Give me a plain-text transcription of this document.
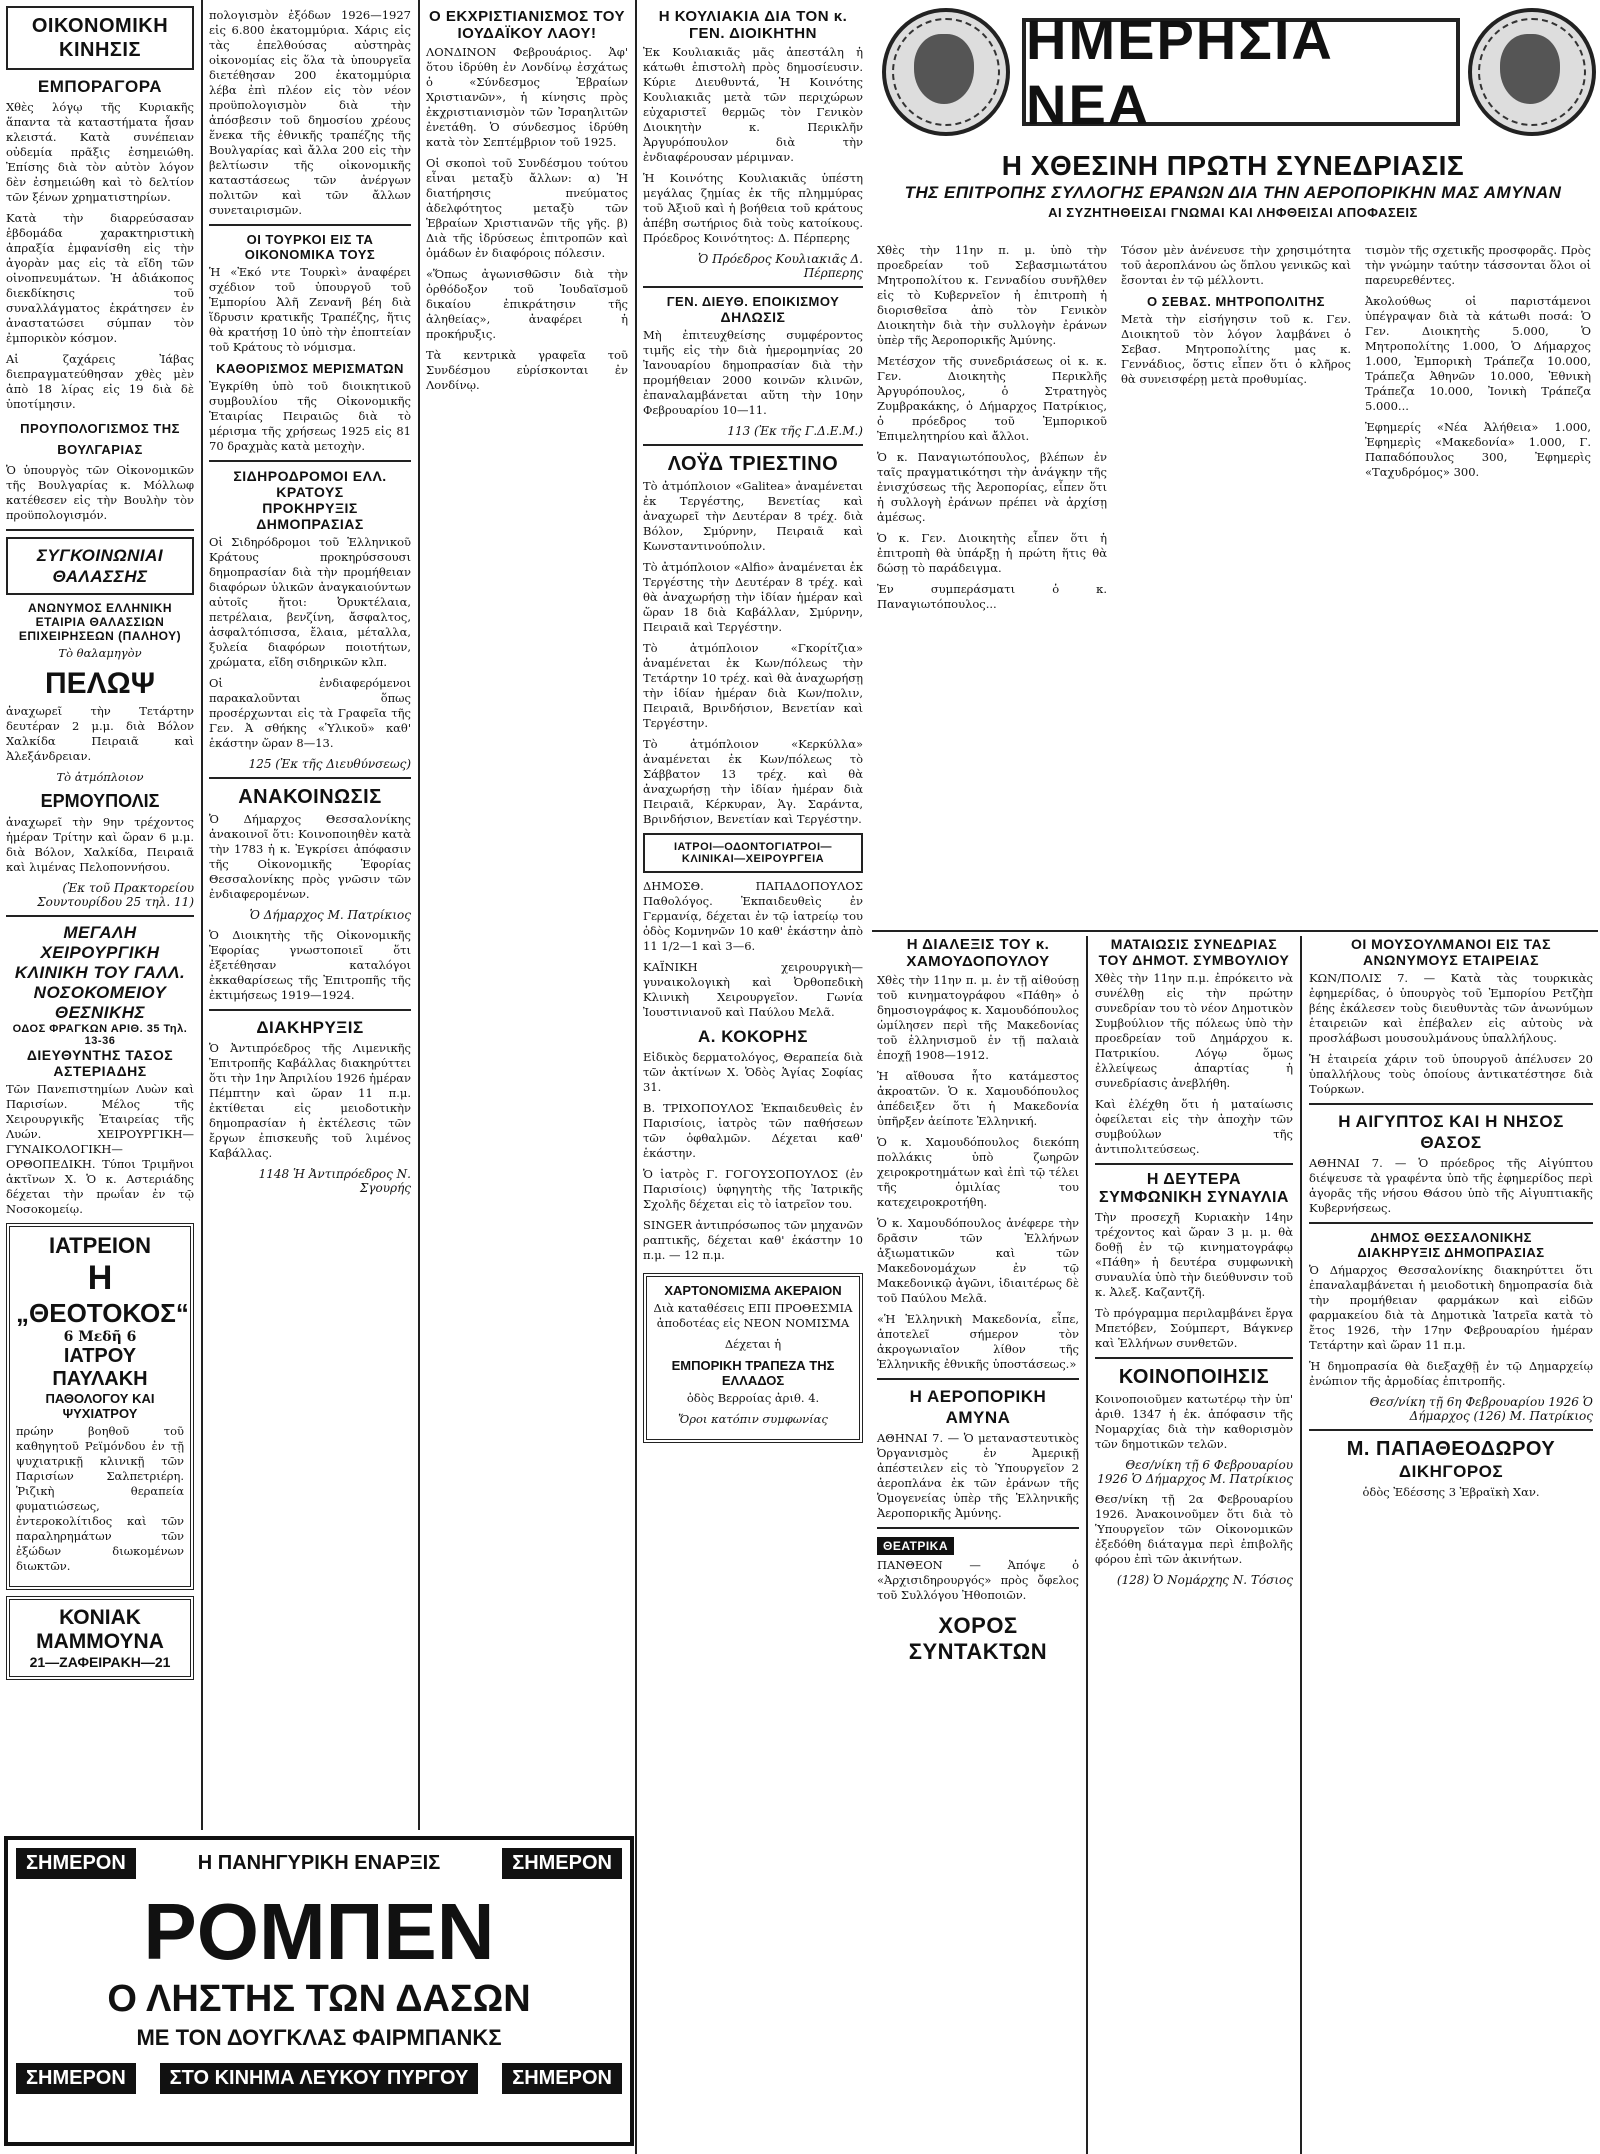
ΟΙΚΟΝΟΜΙΚΗ ΚΙΝΗΣΙΣ
ΕΜΠΟΡΑΓΟΡΑ

Χθὲς λόγῳ τῆς Κυριακῆς ἅπαντα τὰ καταστήματα ἦσαν κλειστά. Κατὰ συνέπειαν οὐδεμία πρᾶξις ἐσημειώθη. Ἐπίσης διὰ τὸν αὐτὸν λόγον δὲν ἐσημειώθη καὶ τὸ δελτίον τῶν ξένων χρηματιστηρίων.

Κατὰ τὴν διαρρεύσασαν ἑβδομάδα χαρακτηριστικὴ ἀπραξία ἐμφανίσθη εἰς τὴν ἀγορὰν μας εἰς τὰ εἴδη τῶν οἰνοπνευμάτων. Ἡ ἀδιάκοπος διεκδίκησις τοῦ συναλλάγματος ἐκράτησεν ἐν ἀναστατώσει σύμπαν τὸν ἐμπορικὸν κόσμον.

Αἱ ζαχάρεις Ἰάβας διεπραγματεύθησαν χθὲς μὲν ἀπὸ 18 λίρας εἰς 19 διὰ δὲ ὑποτίμησιν.

ΠΡΟΥΠΟΛΟΓΙΣΜΟΣ ΤΗΣ ΒΟΥΛΓΑΡΙΑΣ

Ὁ ὑπουργὸς τῶν Οἰκονομικῶν τῆς Βουλγαρίας κ. Μόλλωφ κατέθεσεν εἰς τὴν Βουλὴν τὸν προϋπολογισμόν.

ΣΥΓΚΟΙΝΩΝΙΑΙ ΘΑΛΑΣΣΗΣ
ΑΝΩΝΥΜΟΣ ΕΛΛΗΝΙΚΗ ΕΤΑΙΡΙΑ ΘΑΛΑΣΣΙΩΝ ΕΠΙΧΕΙΡΗΣΕΩΝ (ΠΑΛΗΟΥ)

Τὸ θαλαμηγὸν

ΠΕΛΩΨ

ἀναχωρεῖ τὴν Τετάρτην δευτέραν 2 μ.μ. διὰ Βόλον Χαλκίδα Πειραιᾶ καὶ Ἀλεξάνδρειαν.

Τὸ ἀτμόπλοιον

ΕΡΜΟΥΠΟΛΙΣ

ἀναχωρεῖ τὴν 9ην τρέχοντος ἡμέραν Τρίτην καὶ ὥραν 6 μ.μ. διὰ Βόλον, Χαλκίδα, Πειραιᾶ καὶ λιμένας Πελοποννήσου.

(Ἐκ τοῦ Πρακτορείου Σουντουρίδου 25 τηλ. 11)

ΜΕΓΑΛΗ ΧΕΙΡΟΥΡΓΙΚΗ ΚΛΙΝΙΚΗ ΤΟΥ ΓΑΛΛ. ΝΟΣΟΚΟΜΕΙΟΥ ΘΕΣΝΙΚΗΣ
ΟΔΟΣ ΦΡΑΓΚΩΝ ΑΡΙΘ. 35 Τηλ. 13-36
ΔΙΕΥΘΥΝΤΗΣ ΤΑΣΟΣ ΑΣΤΕΡΙΑΔΗΣ

Τῶν Πανεπιστημίων Λυὼν καὶ Παρισίων. Μέλος τῆς Χειρουργικῆς Ἑταιρείας τῆς Λυών. ΧΕΙΡΟΥΡΓΙΚΗ—ΓΥΝΑΙΚΟΛΟΓΙΚΗ—ΟΡΘΟΠΕΔΙΚΗ. Τύποι Τριμῆνοι ἀκτῖνων Χ. Ὁ κ. Αστεριάδης δέχεται τὴν πρωΐαν ἐν τῷ Νοσοκομείῳ.

ΙΑΤΡΕΙΟΝ
Η
„ΘΕΟΤΟΚΟΣ“
6 Μεδῆ 6
ΙΑΤΡΟΥ ΠΑΥΛΑΚΗ
ΠΑΘΟΛΟΓΟΥ ΚΑΙ ΨΥΧΙΑΤΡΟΥ

πρώην βοηθοῦ τοῦ καθηγητοῦ Ρεϊμόνδου ἐν τῇ ψυχιατρικῇ κλινικῇ τῶν Παρισίων Σαλπετριέρη. Ῥιζικὴ θεραπεία φυματιώσεως, ἐντεροκολίτιδος καὶ τῶν παραληρημάτων τῶν ἐξώδων διωκομένων διωκτῶν.

ΚΟΝΙΑΚ ΜΑΜΜΟΥΝΑ
21—ΖΑΦΕΙΡΑΚΗ—21
ΣΗΜΕΡΟΝ	Η ΠΑΝΗΓΥΡΙΚΗ ΕΝΑΡΞΙΣ	ΣΗΜΕΡΟΝ
ΡΟΜΠΕΝ
Ο ΛΗΣΤΗΣ ΤΩΝ ΔΑΣΩΝ
ΜΕ ΤΟΝ ΔΟΥΓΚΛΑΣ ΦΑΙΡΜΠΑΝΚΣ
ΣΗΜΕΡΟΝ	ΣΤΟ ΚΙΝΗΜΑ ΛΕΥΚΟΥ ΠΥΡΓΟΥ	ΣΗΜΕΡΟΝ

πολογισμὸν ἐξόδων 1926—1927 εἰς 6.800 ἑκατομμύρια. Χάρις εἰς τὰς ἐπελθούσας αὐστηρὰς οἰκονομίας εἰς ὅλα τὰ ὑπουργεῖα διετέθησαν 200 ἑκατομμύρια λέβα ἐπὶ πλέον εἰς τὸν νέον προϋπολογισμὸν διὰ τὴν ἀπόσβεσιν τοῦ δημοσίου χρέους ἕνεκα τῆς ἐθνικῆς τραπέζης τῆς Βουλγαρίας καὶ ἄλλα 200 εἰς τὴν βελτίωσιν τῆς οἰκονομικῆς καταστάσεως τῶν ἀνέργων πολιτῶν καὶ τῶν ἄλλων συνεταιρισμῶν.

ΟΙ ΤΟΥΡΚΟΙ ΕΙΣ ΤΑ ΟΙΚΟΝΟΜΙΚΑ ΤΟΥΣ

Ἡ «Ἐκό ντε Τουρκὶ» ἀναφέρει σχέδιον τοῦ ὑπουργοῦ τοῦ Ἐμπορίου Ἀλῆ Ζενανῆ βέη διὰ ἵδρυσιν κρατικῆς Τραπέζης, ἥτις θὰ κρατήσῃ 10 ὑπὸ τὴν ἐποπτείαν τοῦ Κράτους τὸ νόμισμα.

ΚΑΘΟΡΙΣΜΟΣ ΜΕΡΙΣΜΑΤΩΝ

Ἐγκρίθη ὑπὸ τοῦ διοικητικοῦ συμβουλίου τῆς Οἰκονομικῆς Ἑταιρίας Πειραιῶς διὰ τὸ μέρισμα τῆς χρήσεως 1925 εἰς 81 70 δραχμὰς κατὰ μετοχὴν.

ΣΙΔΗΡΟΔΡΟΜΟΙ ΕΛΛ. ΚΡΑΤΟΥΣ
ΠΡΟΚΗΡΥΞΙΣ ΔΗΜΟΠΡΑΣΙΑΣ

Οἱ Σιδηρόδρομοι τοῦ Ἑλληνικοῦ Κράτους προκηρύσσουσι δημοπρασίαν διὰ τὴν προμήθειαν διαφόρων ὑλικῶν ἀναγκαιούντων αὐτοῖς ἤτοι: Ὀρυκτέλαια, πετρέλαια, βενζίνη, ἄσφαλτος, ἀσφαλτόπισσα, ἔλαια, μέταλλα, ξυλεία διαφόρων ποιοτήτων, χρώματα, εἴδη σιδηρικῶν κλπ.

Οἱ ἐνδιαφερόμενοι παρακαλοῦνται ὅπως προσέρχωνται εἰς τὰ Γραφεῖα τῆς Γεν. Ἀ σθήκης «Ὑλικοῦ» καθ' ἑκάστην ὥραν 8—13.

125 (Ἐκ τῆς Διευθύνσεως)

ΑΝΑΚΟΙΝΩΣΙΣ

Ὁ Δήμαρχος Θεσσαλονίκης ἀνακοινοῖ ὅτι: Κοινοποιηθὲν κατὰ τὴν 1783 ἡ κ. Ἐγκρίσει ἀπόφασιν τῆς Οἰκονομικῆς Ἐφορίας Θεσσαλονίκης πρὸς γνῶσιν τῶν ἐνδιαφερομένων.

Ὁ Δήμαρχος Μ. Πατρίκιος

Ὁ Διοικητὴς τῆς Οἰκονομικῆς Ἐφορίας γνωστοποιεῖ ὅτι ἐξετέθησαν καταλόγοι ἐκκαθαρίσεως τῆς Ἐπιτροπῆς τῆς ἐκτιμήσεως 1919—1924.

ΔΙΑΚΗΡΥΞΙΣ

Ὁ Ἀντιπρόεδρος τῆς Λιμενικῆς Ἐπιτροπῆς Καβάλλας διακηρύττει ὅτι τὴν 1ην Ἀπριλίου 1926 ἡμέραν Πέμπτην καὶ ὥραν 11 π.μ. ἐκτίθεται εἰς μειοδοτικὴν δημοπρασίαν ἡ ἐκτέλεσις τῶν ἔργων ἐπισκευῆς τοῦ λιμένος Καβάλλας.

1148 Ἡ Ἀντιπρόεδρος Ν. Σγουρής

Ο ΕΚΧΡΙΣΤΙΑΝΙΣΜΟΣ ΤΟΥ ΙΟΥΔΑΪΚΟΥ ΛΑΟΥ!

ΛΟΝΔΙΝΟΝ Φεβρουάριος. Ἀφ' ὅτου ἱδρύθη ἐν Λονδίνῳ ἐσχάτως ὁ «Σύνδεσμος Ἑβραίων Χριστιανῶν», ἡ κίνησις πρὸς ἐκχριστιανισμὸν τῶν Ἰσραηλιτῶν ἐνετάθη. Ὁ σύνδεσμος ἱδρύθη κατὰ τὸν Σεπτέμβριον τοῦ 1925.

Οἱ σκοποὶ τοῦ Συνδέσμου τούτου εἶναι μεταξὺ ἄλλων: α) Ἡ διατήρησις πνεύματος ἀδελφότητος μεταξὺ τῶν Ἑβραίων Χριστιανῶν τῆς γῆς. β) Διὰ τῆς ἱδρύσεως ἐπιτροπῶν καὶ ὁμάδων ἐν διαφόροις πόλεσιν.

«Ὅπως ἀγωνισθῶσιν διὰ τὴν ὀρθόδοξον τοῦ Ἰουδαϊσμοῦ δικαίου ἐπικράτησιν τῆς ἀληθείας», ἀναφέρει ἡ προκήρυξις.

Τὰ κεντρικὰ γραφεῖα τοῦ Συνδέσμου εὑρίσκονται ἐν Λονδίνῳ.

Η ΚΟΥΛΙΑΚΙΑ ΔΙΑ ΤΟΝ κ. ΓΕΝ. ΔΙΟΙΚΗΤΗΝ

Ἐκ Κουλιακιᾶς μᾶς ἀπεστάλη ἡ κάτωθι ἐπιστολὴ πρὸς δημοσίευσιν. Κύριε Διευθυντά, Ἡ Κοινότης Κουλιακιᾶς μετὰ τῶν περιχώρων εὐχαριστεῖ θερμῶς τὸν Γενικὸν Διοικητὴν κ. Περικλῆν Ἀργυρόπουλον διὰ τὴν ἐνδιαφέρουσαν μέριμναν.

Ἡ Κοινότης Κουλιακιᾶς ὑπέστη μεγάλας ζημίας ἐκ τῆς πλημμύρας τοῦ Ἀξιοῦ καὶ ἡ βοήθεια τοῦ κράτους ἀπέβη σωτήριος διὰ τοὺς κατοίκους. Πρόεδρος Κοινότητος: Δ. Πέρπερης

Ὁ Πρόεδρος Κουλιακιᾶς Δ. Πέρπερης

ΓΕΝ. ΔΙΕΥΘ. ΕΠΟΙΚΙΣΜΟΥ
ΔΗΛΩΣΙΣ

Μὴ ἐπιτευχθείσης συμφέροντος τιμῆς εἰς τὴν διὰ ἡμερομηνίας 20 Ἰανουαρίου δημοπρασίαν διὰ τὴν προμήθειαν 2000 κοινῶν κλινῶν, ἐπαναλαμβάνεται αὕτη τὴν 10ην Φεβρουαρίου 10—11.

113 (Ἐκ τῆς Γ.Δ.Ε.Μ.)

ΛΟΫΔ ΤΡΙΕΣΤΙΝΟ

Τὸ ἀτμόπλοιον «Galitea» ἀναμένεται ἐκ Τεργέστης, Βενετίας καὶ ἀναχωρεῖ τὴν Δευτέραν 8 τρέχ. διὰ Βόλον, Σμύρνην, Πειραιᾶ καὶ Κωνσταντινούπολιν.

Τὸ ἀτμόπλοιον «Alfio» ἀναμένεται ἐκ Τεργέστης τὴν Δευτέραν 8 τρέχ. καὶ θὰ ἀναχωρήσῃ τὴν ἰδίαν ἡμέραν καὶ ὥραν 18 διὰ Καβάλλαν, Σμύρνην, Πειραιᾶ καὶ Τεργέστην.

Τὸ ἀτμόπλοιον «Γκορίτζια» ἀναμένεται ἐκ Κων/πόλεως τὴν Τετάρτην 10 τρέχ. καὶ θὰ ἀναχωρήσῃ τὴν ἰδίαν ἡμέραν διὰ Κων/πολιν, Πειραιᾶ, Βρινδήσιον, Βενετίαν καὶ Τεργέστην.

Τὸ ἀτμόπλοιον «Κερκύλλα» ἀναμένεται ἐκ Κων/πόλεως τὸ Σάββατον 13 τρέχ. καὶ θὰ ἀναχωρήσῃ τὴν ἰδίαν ἡμέραν διὰ Πειραιᾶ, Κέρκυραν, Ἁγ. Σαράντα, Βρινδήσιον, Βενετίαν καὶ Τεργέστην.

ΙΑΤΡΟΙ—ΟΔΟΝΤΟΓΙΑΤΡΟΙ—ΚΛΙΝΙΚΑΙ—ΧΕΙΡΟΥΡΓΕΙΑ

ΔΗΜΟΣΘ. ΠΑΠΑΔΟΠΟΥΛΟΣ Παθολόγος. Ἐκπαιδευθεὶς ἐν Γερμανίᾳ, δέχεται ἐν τῷ ἰατρείῳ του ὁδὸς Κομνηνῶν 10 καθ' ἑκάστην ἀπὸ 11 1/2—1 καὶ 3—6.

ΚΑΪΝΙΚΗ χειρουργικὴ—γυναικολογικὴ καὶ Ὀρθοπεδικὴ Κλινικὴ Χειρουργεῖον. Γωνία Ἰουστινιανοῦ καὶ Παύλου Μελᾶ.

Α. ΚΟΚΟΡΗΣ

Εἰδικὸς δερματολόγος, Θεραπεία διὰ τῶν ἀκτίνων Χ. Ὁδὸς Ἁγίας Σοφίας 31.

Β. ΤΡΙΧΟΠΟΥΛΟΣ Ἐκπαιδευθεὶς ἐν Παρισίοις, ἰατρὸς τῶν παθήσεων τῶν ὀφθαλμῶν. Δέχεται καθ' ἑκάστην.

Ὁ ἰατρὸς Γ. ΓΟΓΟΥΣΟΠΟΥΛΟΣ (ἐν Παρισίοις) ὑφηγητὴς τῆς Ἰατρικῆς Σχολῆς δέχεται εἰς τὸ ἰατρεῖον του.

SINGER ἀντιπρόσωπος τῶν μηχανῶν ραπτικῆς, δέχεται καθ' ἑκάστην 10 π.μ. — 12 π.μ.

ΧΑΡΤΟΝΟΜΙΣΜΑ ΑΚΕΡΑΙΟΝ

Διὰ καταθέσεις ΕΠΙ ΠΡΟΘΕΣΜΙΑ ἀποδοτέας εἰς ΝΕΟΝ ΝΟΜΙΣΜΑ

Δέχεται ἡ

ΕΜΠΟΡΙΚΗ ΤΡΑΠΕΖΑ ΤΗΣ ΕΛΛΑΔΟΣ

ὁδὸς Βερροίας ἀριθ. 4.

Ὅροι κατόπιν συμφωνίας

ΗΜΕΡΗΣΙΑ ΝΕΑ
Η ΧΘΕΣΙΝΗ ΠΡΩΤΗ ΣΥΝΕΔΡΙΑΣΙΣ
ΤΗΣ ΕΠΙΤΡΟΠΗΣ ΣΥΛΛΟΓΗΣ ΕΡΑΝΩΝ ΔΙΑ ΤΗΝ ΑΕΡΟΠΟΡΙΚΗΝ ΜΑΣ ΑΜΥΝΑΝ
ΑΙ ΣΥΖΗΤΗΘΕΙΣΑΙ ΓΝΩΜΑΙ ΚΑΙ ΛΗΦΘΕΙΣΑΙ ΑΠΟΦΑΣΕΙΣ

Χθὲς τὴν 11ην π. μ. ὑπὸ τὴν προεδρείαν τοῦ Σεβασμιωτάτου Μητροπολίτου κ. Γενναδίου συνῆλθεν εἰς τὸ Κυβερνεῖον ἡ ἐπιτροπὴ ἡ διορισθεῖσα ἀπὸ τὸν Γενικὸν Διοικητὴν διὰ τὴν συλλογὴν ἐράνων ὑπὲρ τῆς Ἀεροπορικῆς Ἀμύνης.

Μετέσχον τῆς συνεδριάσεως οἱ κ. κ. Γεν. Διοικητὴς Περικλῆς Ἀργυρόπουλος, ὁ Στρατηγὸς Ζυμβρακάκης, ὁ Δήμαρχος Πατρίκιος, ὁ πρόεδρος τοῦ Ἐμπορικοῦ Ἐπιμελητηρίου καὶ ἄλλοι.

Ὁ κ. Παναγιωτόπουλος, βλέπων ἐν ταῖς πραγματικότησι τὴν ἀνάγκην τῆς ἐνισχύσεως τῆς Ἀεροπορίας, εἶπεν ὅτι ἡ συλλογὴ ἐράνων πρέπει νὰ ἀρχίσῃ ἀμέσως.

Ὁ κ. Γεν. Διοικητὴς εἶπεν ὅτι ἡ ἐπιτροπὴ θὰ ὑπάρξῃ ἡ πρώτη ἥτις θὰ δώσῃ τὸ παράδειγμα.

Ἐν συμπεράσματι ὁ κ. Παναγιωτόπουλος...

Τόσον μὲν ἀνένευσε τὴν χρησιμότητα τοῦ ἀεροπλάνου ὡς ὅπλου γενικῶς καὶ ἔσονται ἐν τῷ μέλλοντι.

Ο ΣΕΒΑΣ. ΜΗΤΡΟΠΟΛΙΤΗΣ

Μετὰ τὴν εἰσήγησιν τοῦ κ. Γεν. Διοικητοῦ τὸν λόγον λαμβάνει ὁ Σεβασ. Μητροπολίτης μας κ. Γεννάδιος, ὅστις εἶπεν ὅτι ὁ κλῆρος θὰ συνεισφέρῃ μετὰ προθυμίας.

τισμὸν τῆς σχετικῆς προσφορᾶς. Πρὸς τὴν γνώμην ταύτην τάσσονται ὅλοι οἱ παρευρεθέντες.

Ἀκολούθως οἱ παριστάμενοι ὑπέγραψαν διὰ τὰ κάτωθι ποσά: Ὁ Γεν. Διοικητὴς 5.000, Ὁ Μητροπολίτης 1.000, Ὁ Δήμαρχος 1.000, Ἐμπορικὴ Τράπεζα 10.000, Τράπεζα Ἀθηνῶν 10.000, Ἐθνικὴ Τράπεζα 10.000, Ἰονικὴ Τράπεζα 5.000...

Ἐφημερίς «Νέα Ἀλήθεια» 1.000, Ἐφημερὶς «Μακεδονία» 1.000, Γ. Παπαδόπουλος 300, Ἐφημερὶς «Ταχυδρόμος» 300.

Η ΔΙΑΛΕΞΙΣ ΤΟΥ κ. ΧΑΜΟΥΔΟΠΟΥΛΟΥ

Χθὲς τὴν 11ην π. μ. ἐν τῇ αἰθούσῃ τοῦ κινηματογράφου «Πάθη» ὁ δημοσιογράφος κ. Χαμουδόπουλος ὡμίλησεν περὶ τῆς Μακεδονίας τοῦ ἑλληνισμοῦ ἐν τῇ παλαιὰ ἐποχῇ 1908—1912.

Ἡ αἴθουσα ἦτο κατάμεστος ἀκροατῶν. Ὁ κ. Χαμουδόπουλος ἀπέδειξεν ὅτι ἡ Μακεδονία ὑπῆρξεν ἀείποτε Ἑλληνική.

Ὁ κ. Χαμουδόπουλος διεκόπη πολλάκις ὑπὸ ζωηρῶν χειροκροτημάτων καὶ ἐπὶ τῷ τέλει τῆς ὁμιλίας του κατεχειροκροτήθη.

Ὁ κ. Χαμουδόπουλος ἀνέφερε τὴν δρᾶσιν τῶν Ἑλλήνων ἀξιωματικῶν καὶ τῶν Μακεδονομάχων ἐν τῷ Μακεδονικῷ ἀγῶνι, ἰδιαιτέρως δὲ τοῦ Παύλου Μελᾶ.

«Ἡ Ἑλληνικὴ Μακεδονία, εἶπε, ἀποτελεῖ σήμερον τὸν ἀκρογωνιαῖον λίθον τῆς Ἑλληνικῆς ἐθνικῆς ὑποστάσεως.»

Η ΑΕΡΟΠΟΡΙΚΗ ΑΜΥΝΑ

ΑΘΗΝΑΙ 7. — Ὁ μεταναστευτικὸς Ὀργανισμὸς ἐν Ἀμερικῇ ἀπέστειλεν εἰς τὸ Ὑπουργεῖον 2 ἀεροπλάνα ἐκ τῶν ἐράνων τῆς Ὁμογενείας ὑπὲρ τῆς Ἑλληνικῆς Ἀεροπορικῆς Ἀμύνης.

ΘΕΑΤΡΙΚΑ

ΠΑΝΘΕΟΝ — Ἀπόψε ὁ «Ἀρχισιδηρουργός» πρὸς ὄφελος τοῦ Συλλόγου Ἠθοποιῶν.

ΧΟΡΟΣ ΣΥΝΤΑΚΤΩΝ
ΜΑΤΑΙΩΣΙΣ ΣΥΝΕΔΡΙΑΣ ΤΟΥ ΔΗΜΟΤ. ΣΥΜΒΟΥΛΙΟΥ

Χθὲς τὴν 11ην π.μ. ἐπρόκειτο νὰ συνέλθῃ εἰς τὴν πρώτην συνεδρίαν του τὸ νέον Δημοτικὸν Συμβούλιον τῆς πόλεως ὑπὸ τὴν προεδρείαν τοῦ Δημάρχου κ. Πατρικίου. Λόγῳ ὅμως ἐλλείψεως ἀπαρτίας ἡ συνεδρίασις ἀνεβλήθη.

Καὶ ἐλέχθη ὅτι ἡ ματαίωσις ὀφείλεται εἰς τὴν ἀποχὴν τῶν συμβούλων τῆς ἀντιπολιτεύσεως.

Η ΔΕΥΤΕΡΑ ΣΥΜΦΩΝΙΚΗ ΣΥΝΑΥΛΙΑ

Τὴν προσεχῆ Κυριακὴν 14ην τρέχοντος καὶ ὥραν 3 μ. μ. θὰ δοθῇ ἐν τῷ κινηματογράφῳ «Πάθη» ἡ δευτέρα συμφωνικὴ συναυλία ὑπὸ τὴν διεύθυνσιν τοῦ κ. Ἀλεξ. Καζαντζῆ.

Τὸ πρόγραμμα περιλαμβάνει ἔργα Μπετόβεν, Σούμπερτ, Βάγκνερ καὶ Ἑλλήνων συνθετῶν.

ΚΟΙΝΟΠΟΙΗΣΙΣ

Κοινοποιοῦμεν κατωτέρῳ τὴν ὑπ' ἀριθ. 1347 ἡ ἐκ. ἀπόφασιν τῆς Νομαρχίας διὰ τὴν καθορισμὸν τῶν δημοτικῶν τελῶν.

Θεσ/νίκη τῇ 6 Φεβρουαρίου 1926 Ὁ Δήμαρχος Μ. Πατρίκιος

Θεσ/νίκη τῇ 2α Φεβρουαρίου 1926. Ἀνακοινοῦμεν ὅτι διὰ τὸ Ὑπουργεῖον τῶν Οἰκονομικῶν ἐξεδόθη διάταγμα περὶ ἐπιβολῆς φόρου ἐπὶ τῶν ἀκινήτων.

(128) Ὁ Νομάρχης Ν. Τόσιος

ΟΙ ΜΟΥΣΟΥΛΜΑΝΟΙ ΕΙΣ ΤΑΣ ΑΝΩΝΥΜΟΥΣ ΕΤΑΙΡΕΙΑΣ

ΚΩΝ/ΠΟΛΙΣ 7. — Κατὰ τὰς τουρκικὰς ἐφημερίδας, ὁ ὑπουργὸς τοῦ Ἐμπορίου Ρετζὴπ βέης ἐκάλεσεν τοὺς διευθυντὰς τῶν ἀνωνύμων ἑταιρειῶν καὶ ἐπέβαλεν εἰς αὐτοὺς νὰ προσλάβωσι μουσουλμάνους ὑπαλλήλους.

Ἡ ἐταιρεία χάριν τοῦ ὑπουργοῦ ἀπέλυσεν 20 ὑπαλλήλους τοὺς ὁποίους ἀντικατέστησε διὰ Τούρκων.

Η ΑΙΓΥΠΤΟΣ ΚΑΙ Η ΝΗΣΟΣ ΘΑΣΟΣ

ΑΘΗΝΑΙ 7. — Ὁ πρόεδρος τῆς Αἰγύπτου διέψευσε τὰ γραφέντα ὑπὸ τῆς ἐφημερίδος περὶ ἀγορᾶς τῆς νήσου Θάσου ὑπὸ τῆς Αἰγυπτιακῆς Κυβερνήσεως.

ΔΗΜΟΣ ΘΕΣΣΑΛΟΝΙΚΗΣ
ΔΙΑΚΗΡΥΞΙΣ ΔΗΜΟΠΡΑΣΙΑΣ

Ὁ Δήμαρχος Θεσσαλονίκης διακηρύττει ὅτι ἐπαναλαμβάνεται ἡ μειοδοτικὴ δημοπρασία διὰ τὴν προμήθειαν φαρμάκων καὶ εἰδῶν φαρμακείου διὰ τὰ Δημοτικὰ Ἰατρεῖα κατὰ τὸ ἔτος 1926, τὴν 17ην Φεβρουαρίου ἡμέραν Τετάρτην καὶ ὥραν 11 π.μ.

Ἡ δημοπρασία θὰ διεξαχθῇ ἐν τῷ Δημαρχείῳ ἐνώπιον τῆς ἀρμοδίας ἐπιτροπῆς.

Θεσ/νίκη τῇ 6η Φεβρουαρίου 1926 Ὁ Δήμαρχος (126) Μ. Πατρίκιος

Μ. ΠΑΠΑΘΕΟΔΩΡΟΥ
ΔΙΚΗΓΟΡΟΣ

ὁδὸς Ἐδέσσης 3 Ἐβραϊκὴ Χαν.
